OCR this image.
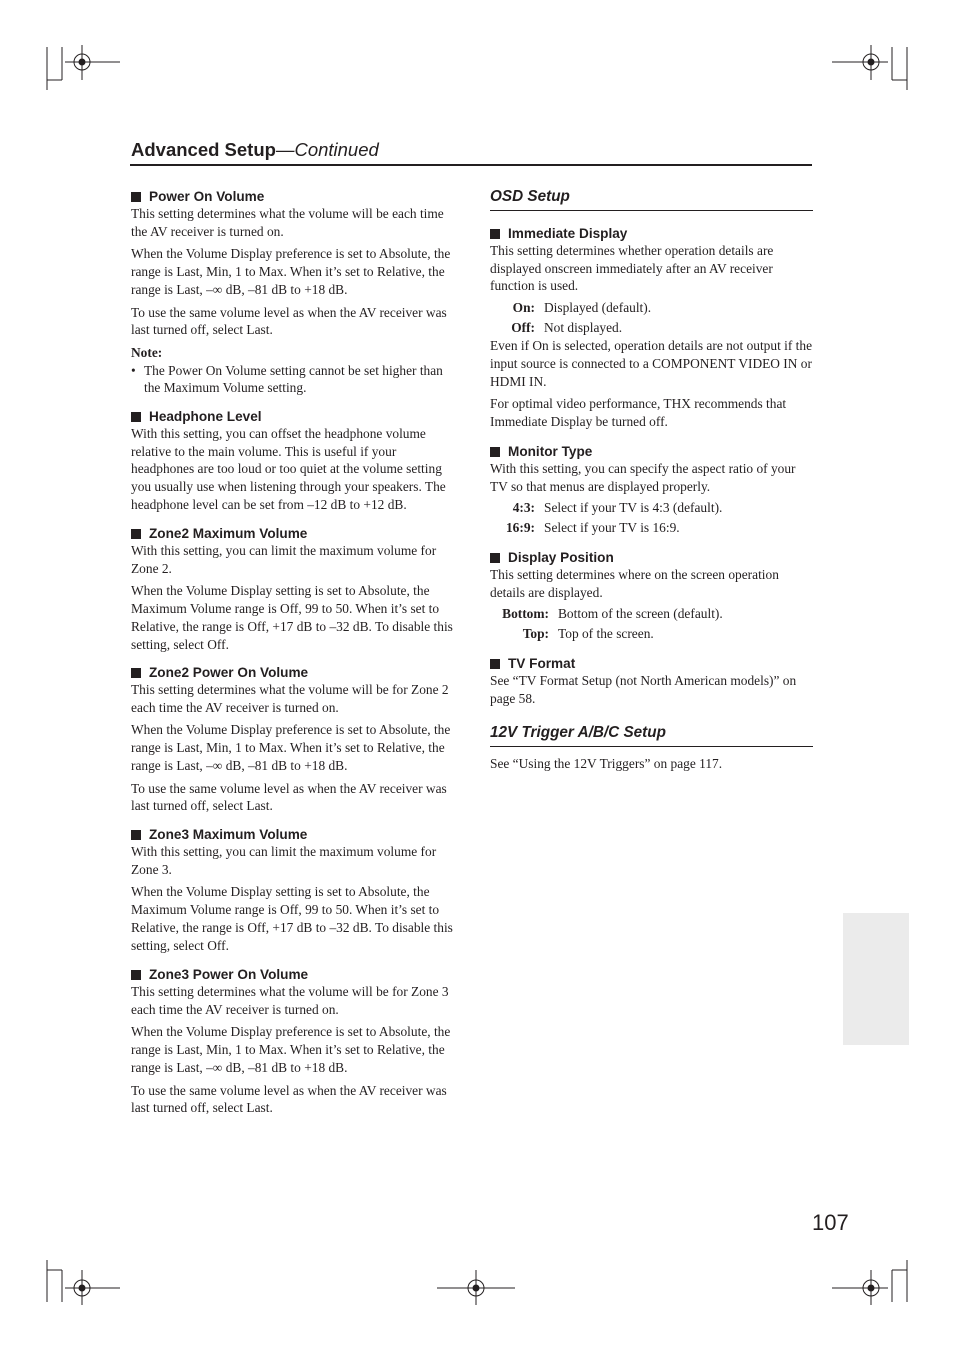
Advanced Setup—Continued
Power On Volume

This setting determines what the volume will be each time the AV receiver is turned on.

When the Volume Display preference is set to Absolute, the range is Last, Min, 1 to Max. When it’s set to Relative, the range is Last, –∞ dB, –81 dB to +18 dB.

To use the same volume level as when the AV receiver was last turned off, select Last.

Note:
• The Power On Volume setting cannot be set higher than the Maximum Volume setting.
Headphone Level

With this setting, you can offset the headphone volume relative to the main volume. This is useful if your headphones are too loud or too quiet at the volume setting you usually use when listening through your speakers. The headphone level can be set from –12 dB to +12 dB.

Zone2 Maximum Volume

With this setting, you can limit the maximum volume for Zone 2.

When the Volume Display setting is set to Absolute, the Maximum Volume range is Off, 99 to 50. When it’s set to Relative, the range is Off, +17 dB to –32 dB. To disable this setting, select Off.

Zone2 Power On Volume

This setting determines what the volume will be for Zone 2 each time the AV receiver is turned on.

When the Volume Display preference is set to Absolute, the range is Last, Min, 1 to Max. When it’s set to Relative, the range is Last, –∞ dB, –81 dB to +18 dB.

To use the same volume level as when the AV receiver was last turned off, select Last.

Zone3 Maximum Volume

With this setting, you can limit the maximum volume for Zone 3.

When the Volume Display setting is set to Absolute, the Maximum Volume range is Off, 99 to 50. When it’s set to Relative, the range is Off, +17 dB to –32 dB. To disable this setting, select Off.

Zone3 Power On Volume

This setting determines what the volume will be for Zone 3 each time the AV receiver is turned on.

When the Volume Display preference is set to Absolute, the range is Last, Min, 1 to Max. When it’s set to Relative, the range is Last, –∞ dB, –81 dB to +18 dB.

To use the same volume level as when the AV receiver was last turned off, select Last.

OSD Setup
Immediate Display

This setting determines whether operation details are displayed onscreen immediately after an AV receiver function is used.

On: Displayed (default).
Off: Not displayed.

Even if On is selected, operation details are not output if the input source is connected to a COMPONENT VIDEO IN or HDMI IN.

For optimal video performance, THX recommends that Immediate Display be turned off.

Monitor Type

With this setting, you can specify the aspect ratio of your TV so that menus are displayed properly.

4:3: Select if your TV is 4:3 (default).
16:9: Select if your TV is 16:9.
Display Position

This setting determines where on the screen operation details are displayed.

Bottom: Bottom of the screen (default).
Top: Top of the screen.
TV Format

See “TV Format Setup (not North American models)” on page 58.

12V Trigger A/B/C Setup

See “Using the 12V Triggers” on page 117.

107
